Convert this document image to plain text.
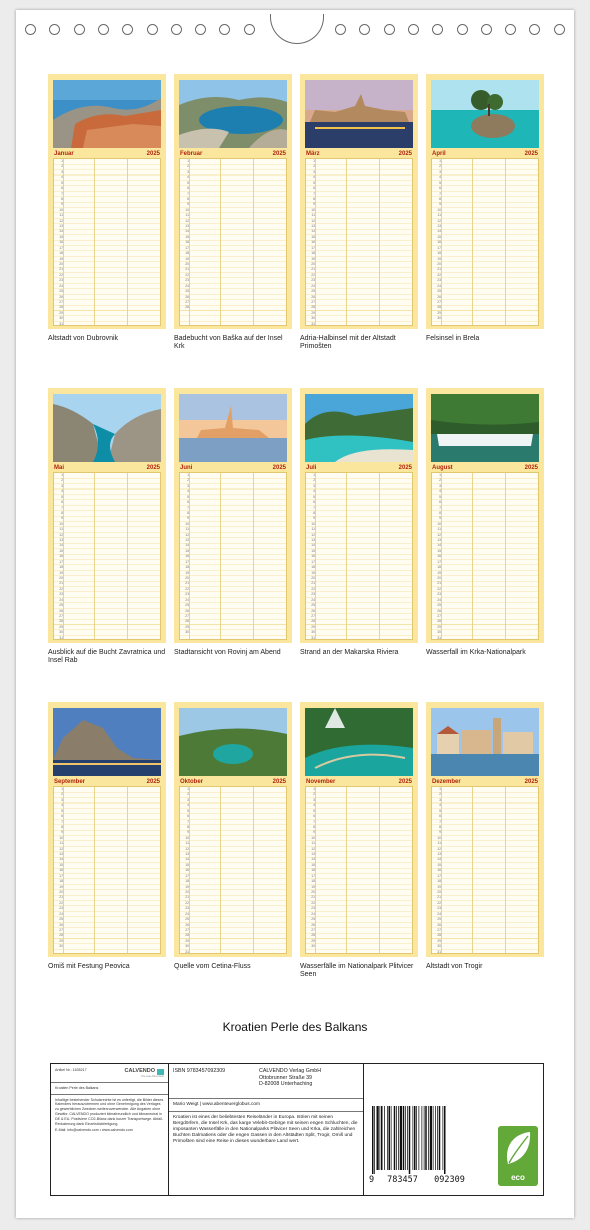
Januar	2025
1
2
3
4
5
6
7
8
9
10
11
12
13
14
15
16
17
18
19
20
21
22
23
24
25
26
27
28
29
30
31
Altstadt von Dubrovnik
Februar	2025
1
2
3
4
5
6
7
8
9
10
11
12
13
14
15
16
17
18
19
20
21
22
23
24
25
26
27
28
Badebucht von Baška auf der Insel Krk
März	2025
1
2
3
4
5
6
7
8
9
10
11
12
13
14
15
16
17
18
19
20
21
22
23
24
25
26
27
28
29
30
31
Adria-Halbinsel mit der Altstadt Primošten
April	2025
1
2
3
4
5
6
7
8
9
10
11
12
13
14
15
16
17
18
19
20
21
22
23
24
25
26
27
28
29
30
Felsinsel in Brela
Mai	2025
1
2
3
4
5
6
7
8
9
10
11
12
13
14
15
16
17
18
19
20
21
22
23
24
25
26
27
28
29
30
31
Ausblick auf die Bucht Zavratnica und Insel Rab
Juni	2025
1
2
3
4
5
6
7
8
9
10
11
12
13
14
15
16
17
18
19
20
21
22
23
24
25
26
27
28
29
30
Stadtansicht von Rovinj am Abend
Juli	2025
1
2
3
4
5
6
7
8
9
10
11
12
13
14
15
16
17
18
19
20
21
22
23
24
25
26
27
28
29
30
31
Strand an der Makarska Riviera
August	2025
1
2
3
4
5
6
7
8
9
10
11
12
13
14
15
16
17
18
19
20
21
22
23
24
25
26
27
28
29
30
31
Wasserfall im Krka-Nationalpark
September	2025
1
2
3
4
5
6
7
8
9
10
11
12
13
14
15
16
17
18
19
20
21
22
23
24
25
26
27
28
29
30
Omiš mit Festung Peovica
Oktober	2025
1
2
3
4
5
6
7
8
9
10
11
12
13
14
15
16
17
18
19
20
21
22
23
24
25
26
27
28
29
30
31
Quelle vom Cetina-Fluss
November	2025
1
2
3
4
5
6
7
8
9
10
11
12
13
14
15
16
17
18
19
20
21
22
23
24
25
26
27
28
29
30
Wasserfälle im Nationalpark Plitvicer Seen
Dezember	2025
1
2
3
4
5
6
7
8
9
10
11
12
13
14
15
16
17
18
19
20
21
22
23
24
25
26
27
28
29
30
31
Altstadt von Trogir
Kroatien Perle des Balkans
Artikel Nr.: 1635217	CALVENDO
Die neue Dimension
Kroatien Perle des Balkans
Inhaltige bestehender Schutzrechte ist es unfertigt, die Bilder dieses Kalenders herauszutrennen und ohne Genehmigung des Verlages zu gewerblichen Zwecken weiterzuverwenden. Alle Angaben ohne Gewähr. CALVENDO produziert klimafreundlich und klimaneutral in DE & EU. Postiviere CO2-Bilanz dank kurzer Transportwege. Abfall-Reduzierung dank Einzelstückfertigung.
E-Mail: info@calvendo.com • www.calvendo.com
ISBN 9783457092309	CALVENDO Verlag GmbH
Ottobrunner Straße 39
D-82008 Unterhaching
Mario Weigt | www.abenteuerglobus.com
Kroatien ist eines der beliebtesten Reiseländer in Europa. Istrien mit seinen Bergdörfern, die Insel Krk, das karge Velebit-Gebirge mit seinen engen Schluchten, die imposanten Wasserfälle in den Nationalparks Plitvicer Seen und Krka, die zahlreichen Buchten Dalmatiens oder die engen Gassen in den Altstädten Split, Trogir, Omiš und Primošten sind eine Reise in dieses wunderbare Land wert.
9	783457	092309	eco
